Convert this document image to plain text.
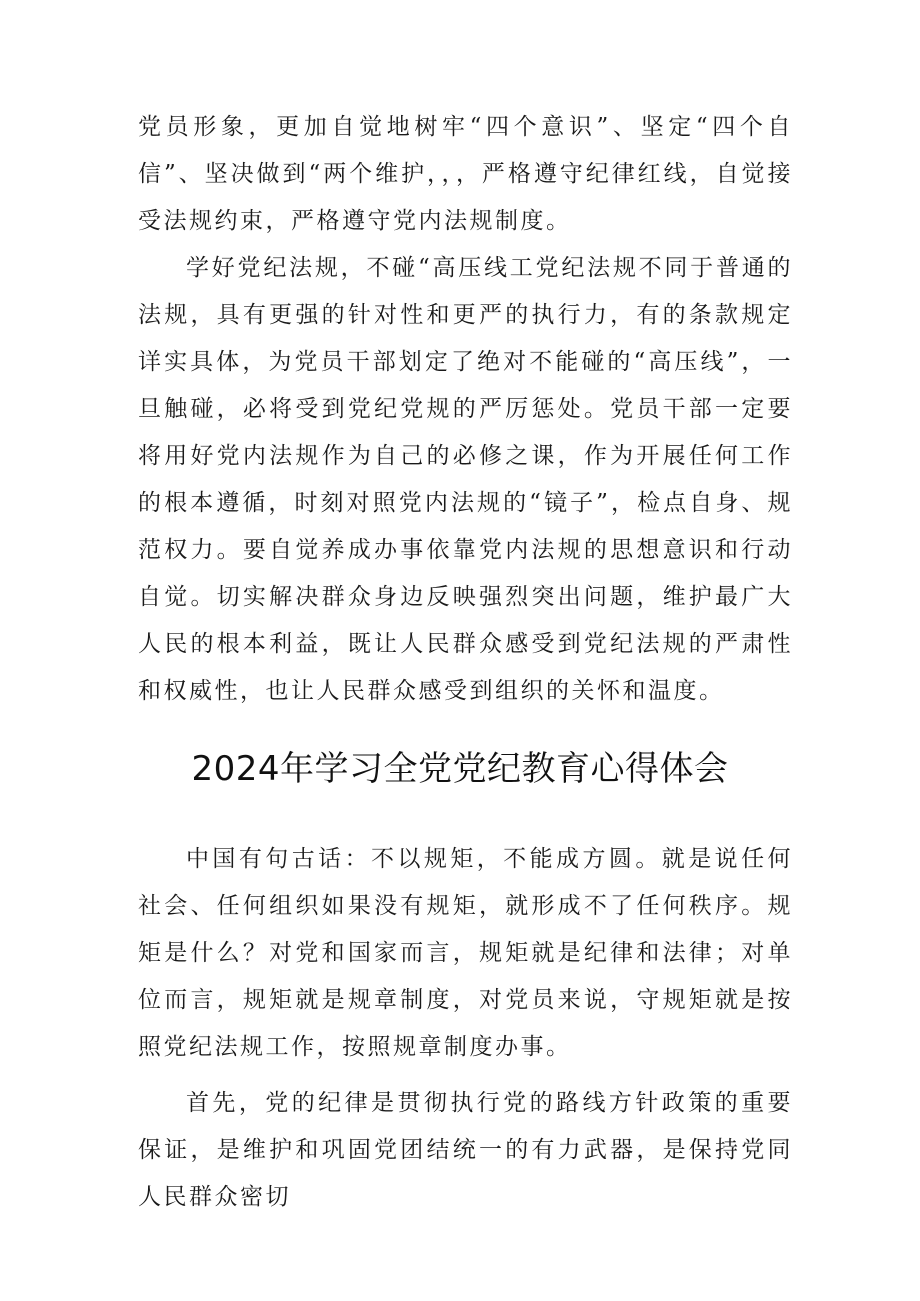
党员形象，更加自觉地树牢“四个意识”、坚定“四个自信”、坚决做到“两个维护，，，严格遵守纪律红线，自觉接受法规约束，严格遵守党内法规制度。

学好党纪法规，不碰“高压线工党纪法规不同于普通的法规，具有更强的针对性和更严的执行力，有的条款规定详实具体，为党员干部划定了绝对不能碰的“高压线”，一旦触碰，必将受到党纪党规的严厉惩处。党员干部一定要将用好党内法规作为自己的必修之课，作为开展任何工作的根本遵循，时刻对照党内法规的“镜子”，检点自身、规范权力。要自觉养成办事依靠党内法规的思想意识和行动自觉。切实解决群众身边反映强烈突出问题，维护最广大人民的根本利益，既让人民群众感受到党纪法规的严肃性和权威性，也让人民群众感受到组织的关怀和温度。

2024年学习全党党纪教育心得体会

中国有句古话：不以规矩，不能成方圆。就是说任何社会、任何组织如果没有规矩，就形成不了任何秩序。规矩是什么？对党和国家而言，规矩就是纪律和法律；对单位而言，规矩就是规章制度，对党员来说，守规矩就是按照党纪法规工作，按照规章制度办事。

首先，党的纪律是贯彻执行党的路线方针政策的重要保证，是维护和巩固党团结统一的有力武器，是保持党同人民群众密切
